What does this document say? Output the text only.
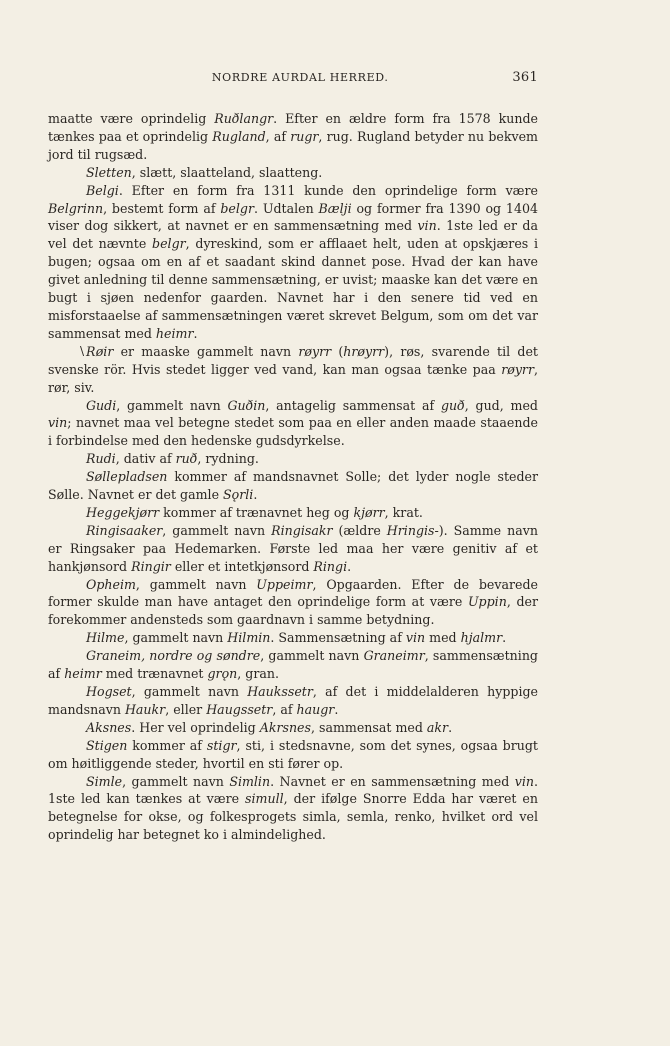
NORDRE AURDAL HERRED.	361

maatte være oprindelig Ruðlangr. Efter en ældre form fra 1578 kunde tænkes paa et oprindelig Rugland, af rugr, rug. Rugland betyder nu bekvem jord til rugsæd.

Sletten, slætt, slaatteland, slaatteng.

Belgi. Efter en form fra 1311 kunde den oprindelige form være Belgrinn, bestemt form af belgr. Udtalen Bælji og former fra 1390 og 1404 viser dog sikkert, at navnet er en sammensætning med vin. 1ste led er da vel det nævnte belgr, dyreskind, som er afflaaet helt, uden at opskjæres i bugen; ogsaa om en af et saadant skind dannet pose. Hvad der kan have givet anledning til denne sammensætning, er uvist; maaske kan det være en bugt i sjøen nedenfor gaarden. Navnet har i den senere tid ved en misforstaaelse af sammensætningen været skrevet Belgum, som om det var sammensat med heimr.

\ Røir er maaske gammelt navn røyrr (hrøyrr), røs, svarende til det svenske rör. Hvis stedet ligger ved vand, kan man ogsaa tænke paa røyrr, rør, siv.

Gudi, gammelt navn Guðin, antagelig sammensat af guð, gud, med vin; navnet maa vel betegne stedet som paa en eller anden maade staaende i forbindelse med den hedenske gudsdyrkelse.

Rudi, dativ af ruð, rydning.

Søllepladsen kommer af mandsnavnet Solle; det lyder nogle steder Sølle. Navnet er det gamle Sǫrli.

Heggekjørr kommer af trænavnet heg og kjørr, krat.

Ringisaaker, gammelt navn Ringisakr (ældre Hringis-). Samme navn er Ringsaker paa Hedemarken. Første led maa her være genitiv af et hankjønsord Ringir eller et intetkjønsord Ringi.

Opheim, gammelt navn Uppeimr, Opgaarden. Efter de bevarede former skulde man have antaget den oprindelige form at være Uppin, der forekommer andensteds som gaardnavn i samme betydning.

Hilme, gammelt navn Hilmin. Sammensætning af vin med hjalmr.

Graneim, nordre og søndre, gammelt navn Graneimr, sammensætning af heimr med trænavnet grǫn, gran.

Hogset, gammelt navn Haukssetr, af det i middelalderen hyppige mandsnavn Haukr, eller Haugssetr, af haugr.

Aksnes. Her vel oprindelig Akrsnes, sammensat med akr.

Stigen kommer af stigr, sti, i stedsnavne, som det synes, ogsaa brugt om høitliggende steder, hvortil en sti fører op.

Simle, gammelt navn Simlin. Navnet er en sammensætning med vin. 1ste led kan tænkes at være simull, der ifølge Snorre Edda har været en betegnelse for okse, og folkesprogets simla, semla, renko, hvilket ord vel oprindelig har betegnet ko i almindelighed.
